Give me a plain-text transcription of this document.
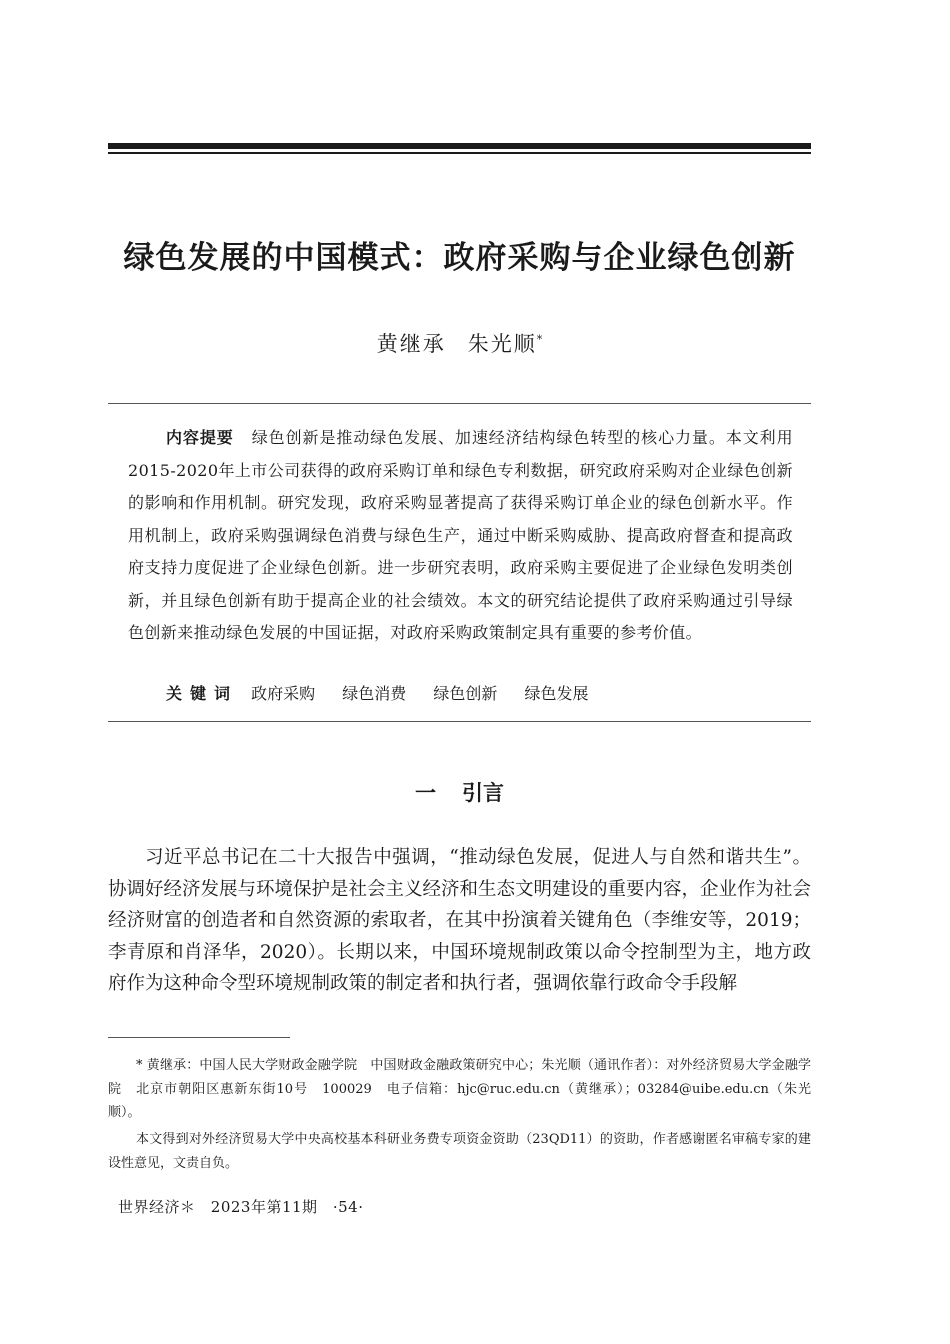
绿色发展的中国模式：政府采购与企业绿色创新
黄继承 朱光顺*

内容提要 绿色创新是推动绿色发展、加速经济结构绿色转型的核心力量。本文利用2015-2020年上市公司获得的政府采购订单和绿色专利数据，研究政府采购对企业绿色创新的影响和作用机制。研究发现，政府采购显著提高了获得采购订单企业的绿色创新水平。作用机制上，政府采购强调绿色消费与绿色生产，通过中断采购威胁、提高政府督查和提高政府支持力度促进了企业绿色创新。进一步研究表明，政府采购主要促进了企业绿色发明类创新，并且绿色创新有助于提高企业的社会绩效。本文的研究结论提供了政府采购通过引导绿色创新来推动绿色发展的中国证据，对政府采购政策制定具有重要的参考价值。

关键词 政府采购 绿色消费 绿色创新 绿色发展
一 引言

习近平总书记在二十大报告中强调，“推动绿色发展，促进人与自然和谐共生”。协调好经济发展与环境保护是社会主义经济和生态文明建设的重要内容，企业作为社会经济财富的创造者和自然资源的索取者，在其中扮演着关键角色（李维安等，2019；李青原和肖泽华，2020）。长期以来，中国环境规制政策以命令控制型为主，地方政府作为这种命令型环境规制政策的制定者和执行者，强调依靠行政命令手段解

* 黄继承：中国人民大学财政金融学院　中国财政金融政策研究中心；朱光顺（通讯作者）：对外经济贸易大学金融学院　北京市朝阳区惠新东街10号　100029　电子信箱：hjc@ruc.edu.cn（黄继承）；03284@uibe.edu.cn（朱光顺）。

本文得到对外经济贸易大学中央高校基本科研业务费专项资金资助（23QD11）的资助，作者感谢匿名审稿专家的建设性意见，文责自负。

世界经济＊ 2023年第11期 ·54·
